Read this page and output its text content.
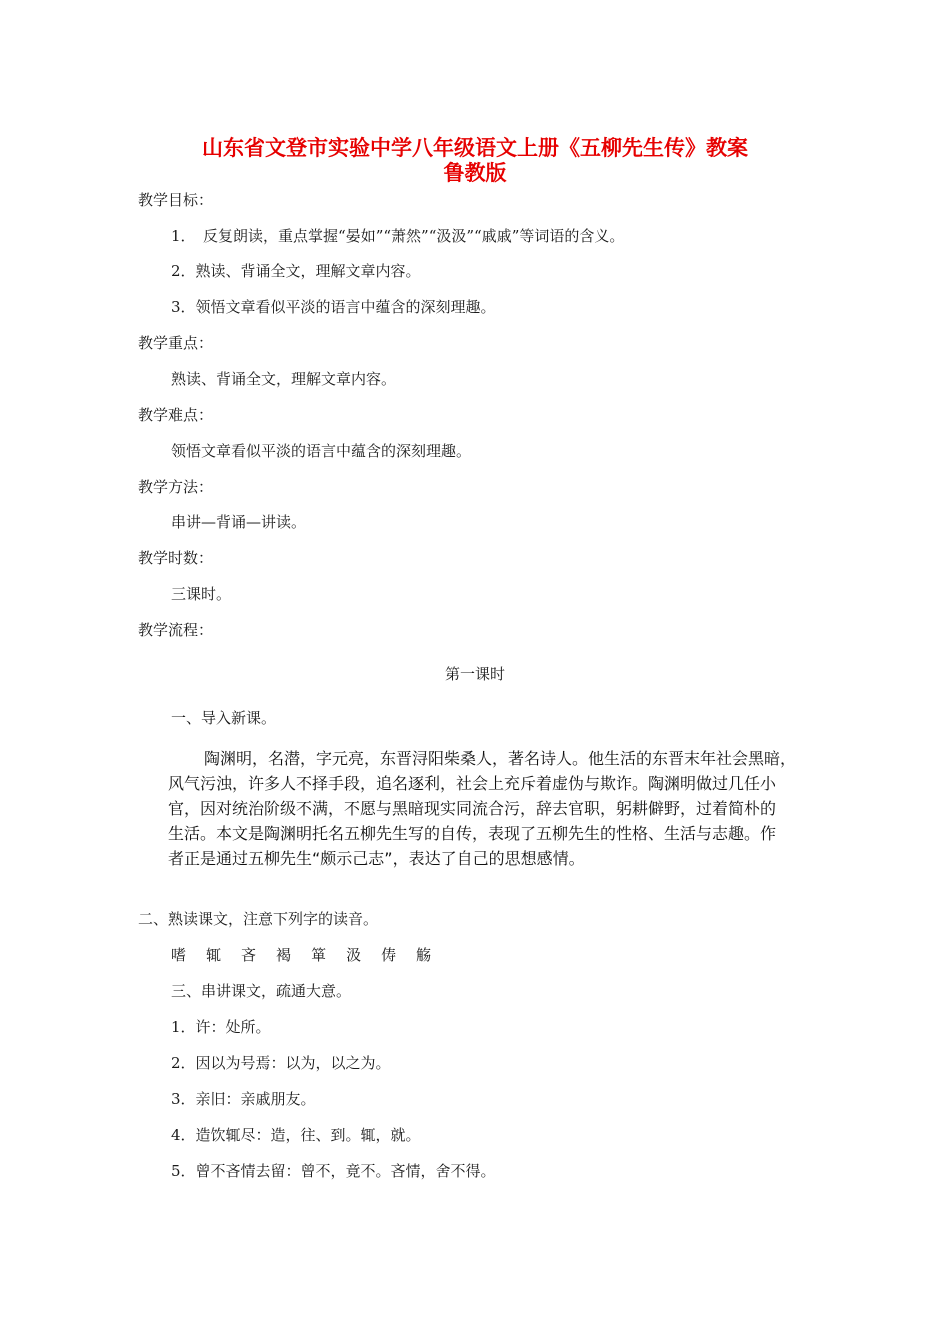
山东省文登市实验中学八年级语文上册《五柳先生传》教案
鲁教版
教学目标：
1．　反复朗读，重点掌握“晏如”“萧然”“汲汲”“戚戚”等词语的含义。
2．熟读、背诵全文，理解文章内容。
3．领悟文章看似平淡的语言中蕴含的深刻理趣。
教学重点：
熟读、背诵全文，理解文章内容。
教学难点：
领悟文章看似平淡的语言中蕴含的深刻理趣。
教学方法：
串讲—背诵—讲读。
教学时数：
三课时。
教学流程：
第一课时
一、导入新课。
陶渊明，名潜，字元亮，东晋浔阳柴桑人，著名诗人。他生活的东晋末年社会黑暗，
风气污浊，许多人不择手段，追名逐利，社会上充斥着虚伪与欺诈。陶渊明做过几任小
官，因对统治阶级不满，不愿与黑暗现实同流合污，辞去官职，躬耕僻野，过着简朴的
生活。本文是陶渊明托名五柳先生写的自传，表现了五柳先生的性格、生活与志趣。作
者正是通过五柳先生“颇示己志”，表达了自己的思想感情。
二、熟读课文，注意下列字的读音。
嗜 辄 吝 褐 箪 汲 俦 觞
三、串讲课文，疏通大意。
1．许：处所。
2．因以为号焉：以为，以之为。
3．亲旧：亲戚朋友。
4．造饮辄尽：造，往、到。辄，就。
5．曾不吝情去留：曾不，竟不。吝情，舍不得。
